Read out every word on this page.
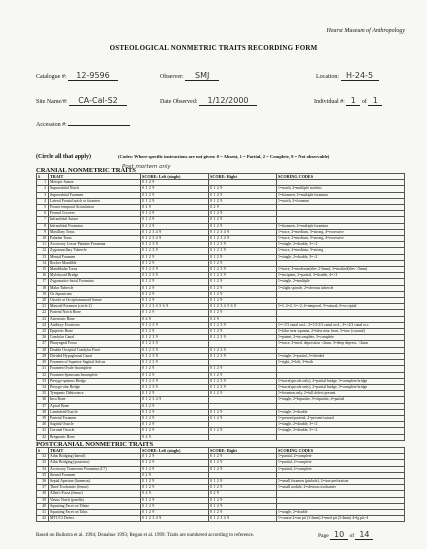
Hearst Museum of Anthropology
OSTEOLOGICAL NONMETRIC TRAITS RECORDING FORM
Catalogue #: 12-9596	Observer: SMJ	Location: H-24-5
Site Name/#: CA-Cal-S2	Date Observed: 1/12/2000	Individual #: 1 of 1
Accession #:
(Circle all that apply)	(Codes: Where specific instructions are not given: 0 = Absent, 1 = Partial, 2 = Complete, 9 = Not observable)
Post mortem only
CRANIAL NONMETRIC TRAITS
#	TRAIT	SCORE: Left (single)	SCORE: Right	SCORING CODES
1	Metopic Suture	0 1 2 9		
2	Supraorbital Notch	0 1 2 9	0 1 2 9	1=notch, 2=multiple notches
3	Supraorbital Foramen	0 1 2 9	0 1 2 9	1=foramen, 2=multiple foramina
4	Lateral Frontal notch or foramen	0 1 2 9	0 1 2 9	1=notch, 2=foramen
5	Fronto-temporal Articulation	0 2 9	0 2 9	
6	Frontal Grooves	0 1 2 9	0 1 2 9	
7	Infraorbital Suture	0 1 2 9	0 1 2 9	
8	Infraorbital Foramina	0 1 2 9	0 1 2 9	1=foramen, 2=multiple foramina
9	Maxillary Torus	0 1 2 3 4 9	0 1 2 3 4 9	1=trace, 2=medium, 3=strong, 4=excessive
10	Palatine Torus	0 1 2 3 4 9	0 1 2 3 4 9	1=trace, 2=medium, 3=strong, 4=excessive
11	Accessory Lesser Palatine Foramina	0 1 2 3 9	0 1 2 3 9	1=single, 2=double, 3=>2
12	Zygomaxillary Tubercle	0 1 2 3 9	0 1 2 3 9	1=trace, 2=medium, 3=strong
13	Mental Foramen	0 1 2 9	0 1 2 9	1=single, 2=double, 3=>2
14	Rocker Mandible	0 1 2 9	0 1 2 9	
15	Mandibular Torus	0 1 2 3 9	0 1 2 3 9	1=trace, 2=moderate(elev 2-5mm), 3=marked(elev >5mm)
16	Mylohyoid Bridge	0 1 2 3 9	0 1 2 3 9	1=incipient, 2=partial, 3=double, 4=>3
17	Zygomatico-facial Foramina	0 1 2 9	0 1 2 9	1=single, 2=multiple
18	Malar Tubercle	0 1 2 9	0 1 2 9	1=slight spicule, 2=obvious tubercle
19	Os Japonicum	0 1 2 9	0 1 2 9	
20	Ossicle at Occipitomastoid Suture	0 1 2 9	0 1 2 9	
21	Mastoid Foramen (circle 2)	0 1 2 3 4 5 6 9	0 1 2 3 4 5 6 9	1=1, 2=2, 3=>2, 4=temporal, 5=sutural, 6=occipital
22	Parietal Notch Bone	0 1 2 9	0 1 2 9	
23	Asterionic Bone	0 2 9	0 2 9	
24	Auditory Exostoses	0 1 2 3 9	0 1 2 3 9	1=<1/3 canal occl., 2=1/3-2/3 canal occl., 3=>2/3 canal occ.
25	Epipteric Bone	0 1 2 9	0 1 2 9	1=false near squama, 2=false near front, 3=true (coronal)
26	Condylar Canal	0 1 2 3 9	0 1 2 3 9	1=patent, 2=incomplete, 3=complete
27	Pharyngeal Fossa	0 1 2 3 9		1=trace, 2=med. depression <2mm, 3=deep depress. >2mm
28	Double Occipital Condylar Facet	0 1 2 3 9	0 1 2 3 9	
29	Divided Hypoglossal Canal	0 1 2 3 9	0 1 2 3 9	1=single, 2=partial, 3=divided
30	Foramen of Superior Sagittal Sulcus	0 1 2 3 9		1=right, 2=left, 3=both
31	Foramen Ovale Incomplete	0 1 2 9	0 1 2 9	
32	Foramen Spinosum Incomplete	0 1 2 9	0 1 2 9	
33	Pterygo-spinous Bridge	0 1 2 3 9	0 1 2 3 9	1=trace(spicule only), 2=partial bridge, 3=complete bridge
34	Pterygo-alar Bridge	0 1 2 3 9	0 1 2 3 9	1=trace(spicule only), 2=partial bridge, 3=complete bridge
35	Tympanic Dehiscence	0 1 2 9	0 1 2 9	1=foramen only, 2=full defect present
36	Inca Bone	0 1 2 3 4 9		1=single, 2=bipartite, 3=tripartite, 4=partial
37	Apical Bone	0 1 2 9		
38	Lambdoid Ossicle	0 1 2 9	0 1 2 9	1=single, 2=double
39	Parietal Foramen	0 1 2 9	0 1 2 9	1=present/parietal, 2=present/sutural
40	Sagittal Ossicle	0 1 2 9		1=single, 2=double, 3=>2
41	Coronal Ossicle	0 1 2 9	0 1 2 9	1=single, 2=double, 3=>2
42	Bregmatic Bone	0 2 9		
POSTCRANIAL NONMETRIC TRAITS
#	TRAIT	SCORE: Left (single)	SCORE: Right	SCORING CODES
32	Atlas Bridging (lateral)	0 1 2 9	0 1 2 9	1=partial, 2=complete
33	Atlas Bridging (posterior)	0 1 2 9	0 1 2 9	1=partial, 2=complete
34	Accessory Transverse Foramina (C7)	0 1 2 9	0 1 2 9	1=partial, 2=complete
35	Sternal Foramen	0 2 9		
36	Septal Aperture (humerus)	0 1 2 9	0 1 2 9	1=small foramen (pinhole), 2=true perforation
37	Third Trochanter (femur)	0 1 2 9	0 1 2 9	1=small nodule, 2=obvious trochanter
38	Allen's Fossa (femur)	0 2 9	0 2 9	
39	Vastus Notch (patella)	0 1 2 9	0 1 2 9	
40	Squatting Facet on Tibiae	0 1 2 9	0 1 2 9	
41	Squatting Facet on Talus	0 1 2 9	0 1 2 9	1=single, 2=double
42	MT1/C3 Defect	0 1 2 3 4 9	0 1 2 3 4 9	1=crease 2=sm pit (1-2mm) 3=med pit (3-4mm) 4=lg pit>4
Based on Buikstra et al. 1994; Donahue 1993; Regan et al. 1999. Traits are numbered according to reference.	Page 10 of 14
